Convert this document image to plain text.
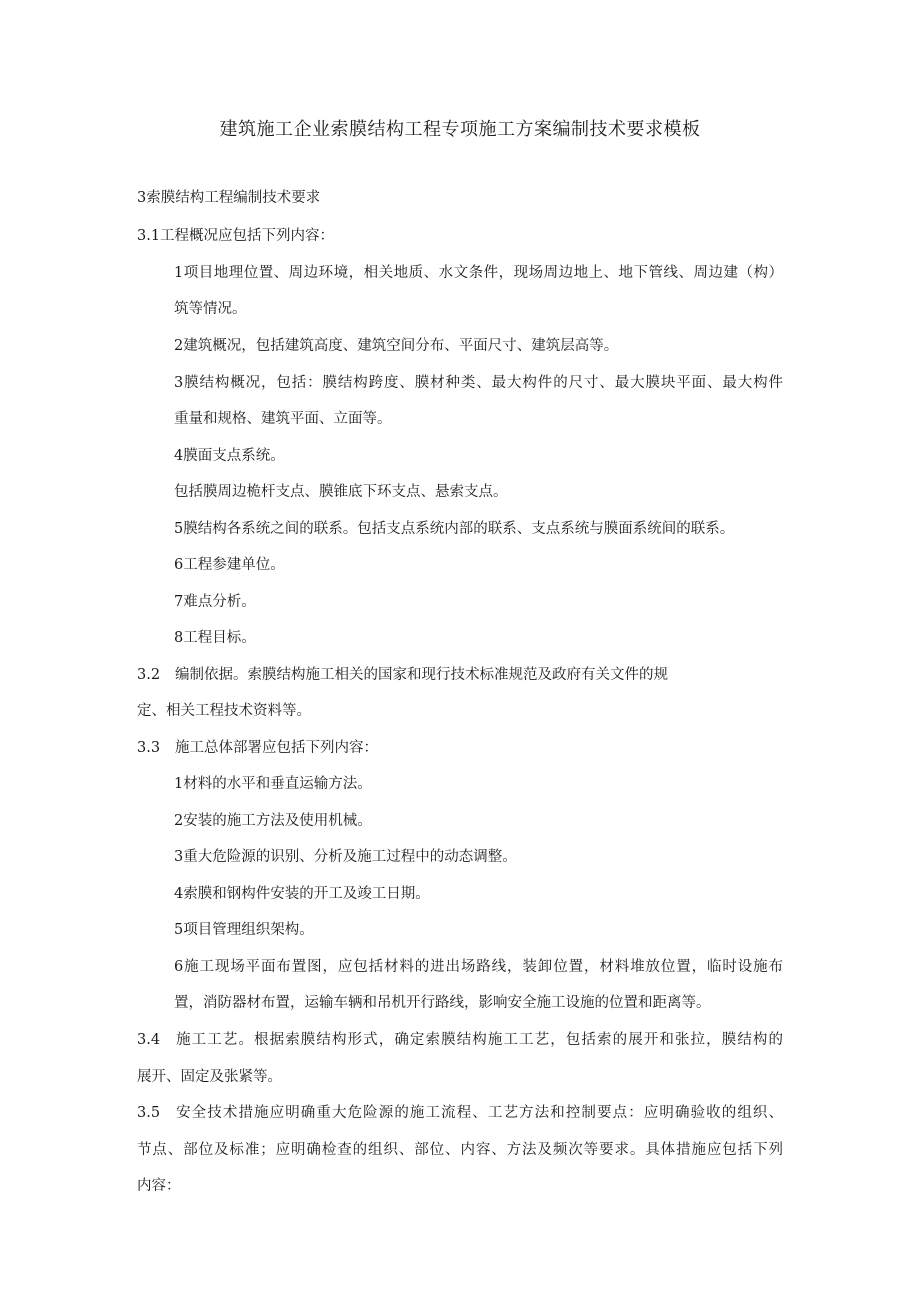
建筑施工企业索膜结构工程专项施工方案编制技术要求模板
3索膜结构工程编制技术要求
3.1工程概况应包括下列内容：
1项目地理位置、周边环境，相关地质、水文条件，现场周边地上、地下管线、周边建（构）
筑等情况。
2建筑概况，包括建筑高度、建筑空间分布、平面尺寸、建筑层高等。
3膜结构概况，包括：膜结构跨度、膜材种类、最大构件的尺寸、最大膜块平面、最大构件
重量和规格、建筑平面、立面等。
4膜面支点系统。
包括膜周边桅杆支点、膜锥底下环支点、悬索支点。
5膜结构各系统之间的联系。包括支点系统内部的联系、支点系统与膜面系统间的联系。
6工程参建单位。
7难点分析。
8工程目标。
3.2 编制依据。索膜结构施工相关的国家和现行技术标准规范及政府有关文件的规
定、相关工程技术资料等。
3.3 施工总体部署应包括下列内容：
1材料的水平和垂直运输方法。
2安装的施工方法及使用机械。
3重大危险源的识别、分析及施工过程中的动态调整。
4索膜和钢构件安装的开工及竣工日期。
5项目管理组织架构。
6施工现场平面布置图，应包括材料的进出场路线，装卸位置，材料堆放位置，临时设施布
置，消防器材布置，运输车辆和吊机开行路线，影响安全施工设施的位置和距离等。
3.4 施工工艺。根据索膜结构形式，确定索膜结构施工工艺，包括索的展开和张拉，膜结构的
展开、固定及张紧等。
3.5 安全技术措施应明确重大危险源的施工流程、工艺方法和控制要点：应明确验收的组织、
节点、部位及标准；应明确检查的组织、部位、内容、方法及频次等要求。具体措施应包括下列
内容：
